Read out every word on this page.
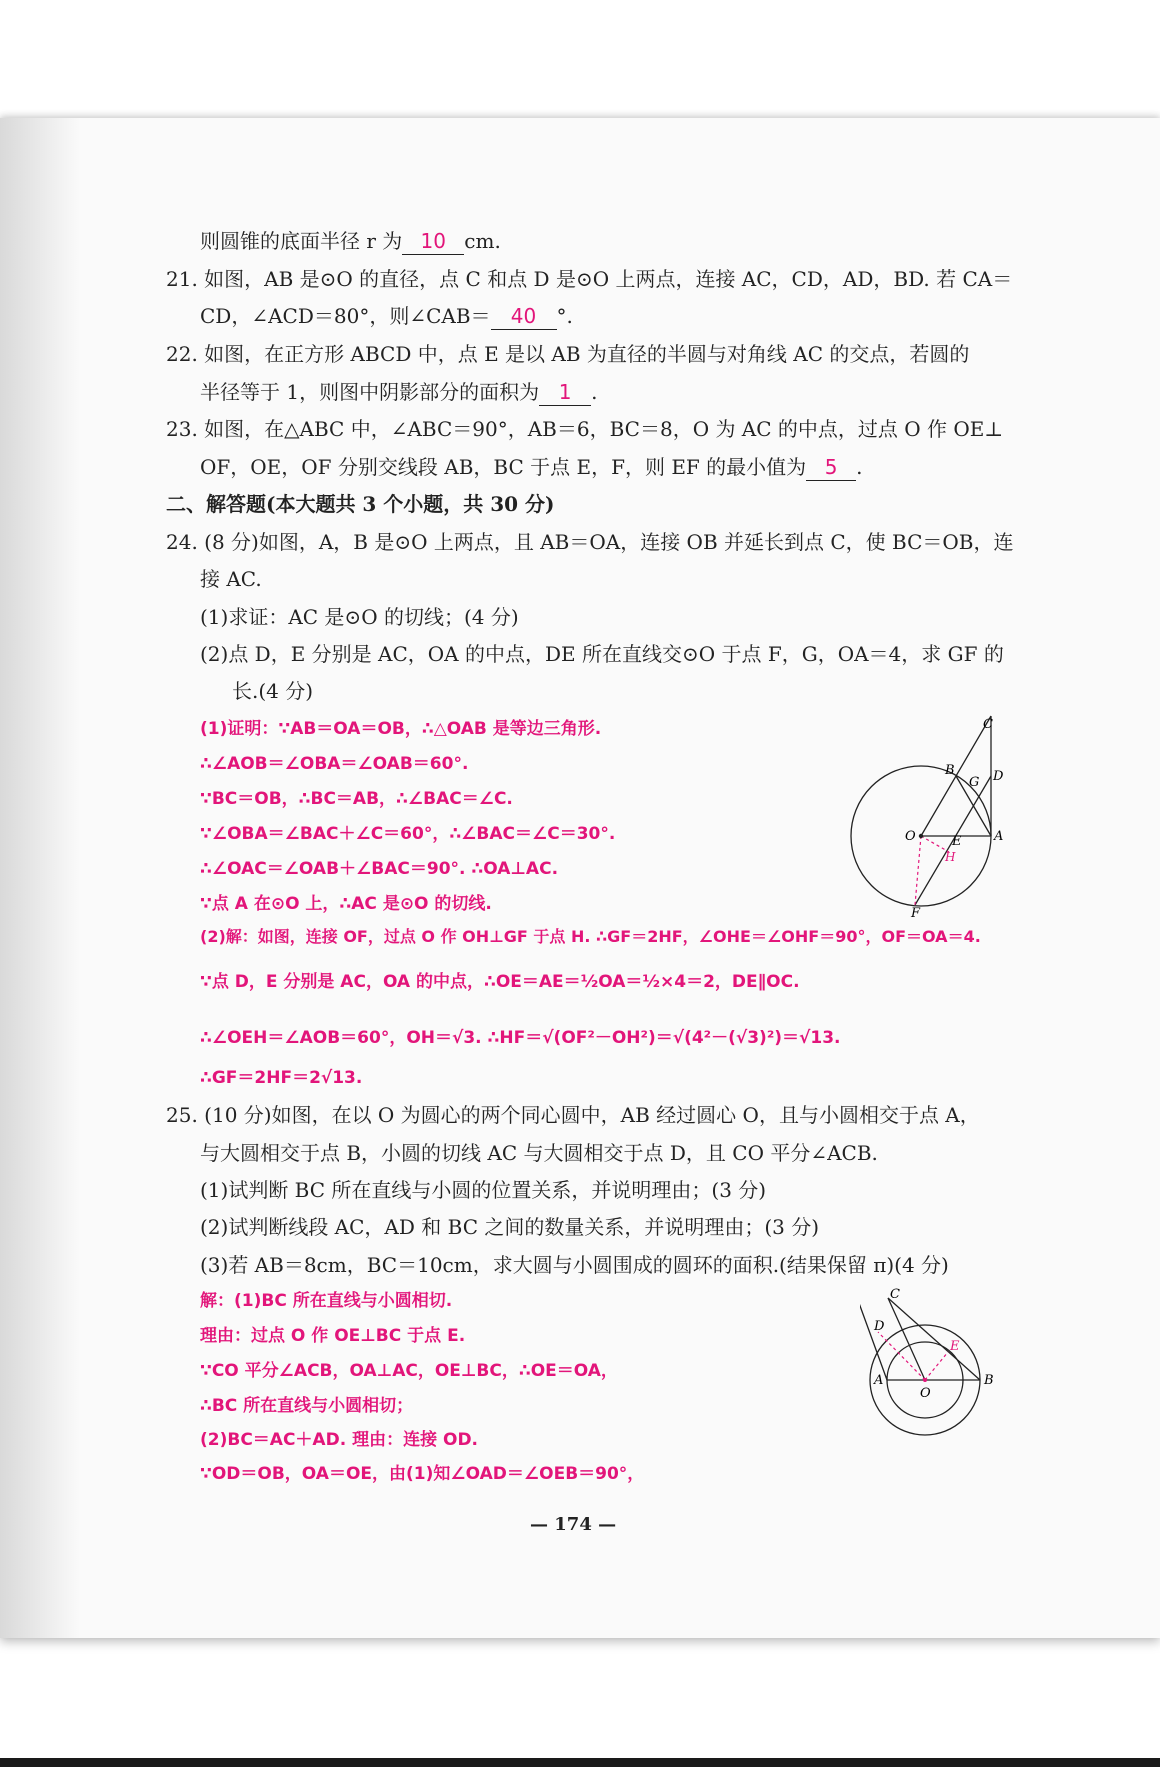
则圆锥的底面半径 r 为 10 cm.
21. 如图，AB 是⊙O 的直径，点 C 和点 D 是⊙O 上两点，连接 AC，CD，AD，BD. 若 CA＝
CD，∠ACD＝80°，则∠CAB＝ 40 °.
22. 如图，在正方形 ABCD 中，点 E 是以 AB 为直径的半圆与对角线 AC 的交点，若圆的
半径等于 1，则图中阴影部分的面积为 1 .
23. 如图，在△ABC 中，∠ABC＝90°，AB＝6，BC＝8，O 为 AC 的中点，过点 O 作 OE⊥
OF，OE，OF 分别交线段 AB，BC 于点 E，F，则 EF 的最小值为 5 .
二、解答题(本大题共 3 个小题，共 30 分)
24. (8 分)如图，A，B 是⊙O 上两点，且 AB＝OA，连接 OB 并延长到点 C，使 BC＝OB，连
接 AC.
(1)求证：AC 是⊙O 的切线；(4 分)
(2)点 D，E 分别是 AC，OA 的中点，DE 所在直线交⊙O 于点 F，G，OA＝4，求 GF 的
长.(4 分)
(1)证明：∵AB＝OA＝OB，∴△OAB 是等边三角形.
∴∠AOB＝∠OBA＝∠OAB＝60°.
∵BC＝OB，∴BC＝AB，∴∠BAC＝∠C.
∵∠OBA＝∠BAC＋∠C＝60°，∴∠BAC＝∠C＝30°.
∴∠OAC＝∠OAB＋∠BAC＝90°. ∴OA⊥AC.
∵点 A 在⊙O 上，∴AC 是⊙O 的切线.
(2)解：如图，连接 OF，过点 O 作 OH⊥GF 于点 H. ∴GF＝2HF，∠OHE＝∠OHF＝90°，OF＝OA＝4.
∵点 D，E 分别是 AC，OA 的中点，∴OE＝AE＝½OA＝½×4＝2，DE∥OC.
∴∠OEH＝∠AOB＝60°，OH＝√3. ∴HF＝√(OF²－OH²)＝√(4²－(√3)²)＝√13.
∴GF＝2HF＝2√13.
C
B
G D
O	E	A
H
F
25. (10 分)如图，在以 O 为圆心的两个同心圆中，AB 经过圆心 O，且与小圆相交于点 A，
与大圆相交于点 B，小圆的切线 AC 与大圆相交于点 D，且 CO 平分∠ACB.
(1)试判断 BC 所在直线与小圆的位置关系，并说明理由；(3 分)
(2)试判断线段 AC，AD 和 BC 之间的数量关系，并说明理由；(3 分)
(3)若 AB＝8cm，BC＝10cm，求大圆与小圆围成的圆环的面积.(结果保留 π)(4 分)
解：(1)BC 所在直线与小圆相切.
理由：过点 O 作 OE⊥BC 于点 E.
∵CO 平分∠ACB，OA⊥AC，OE⊥BC，∴OE＝OA，
∴BC 所在直线与小圆相切；
(2)BC＝AC＋AD. 理由：连接 OD.
∵OD＝OB，OA＝OE，由(1)知∠OAD＝∠OEB＝90°，
C
D
E
A
O
B
— 174 —
